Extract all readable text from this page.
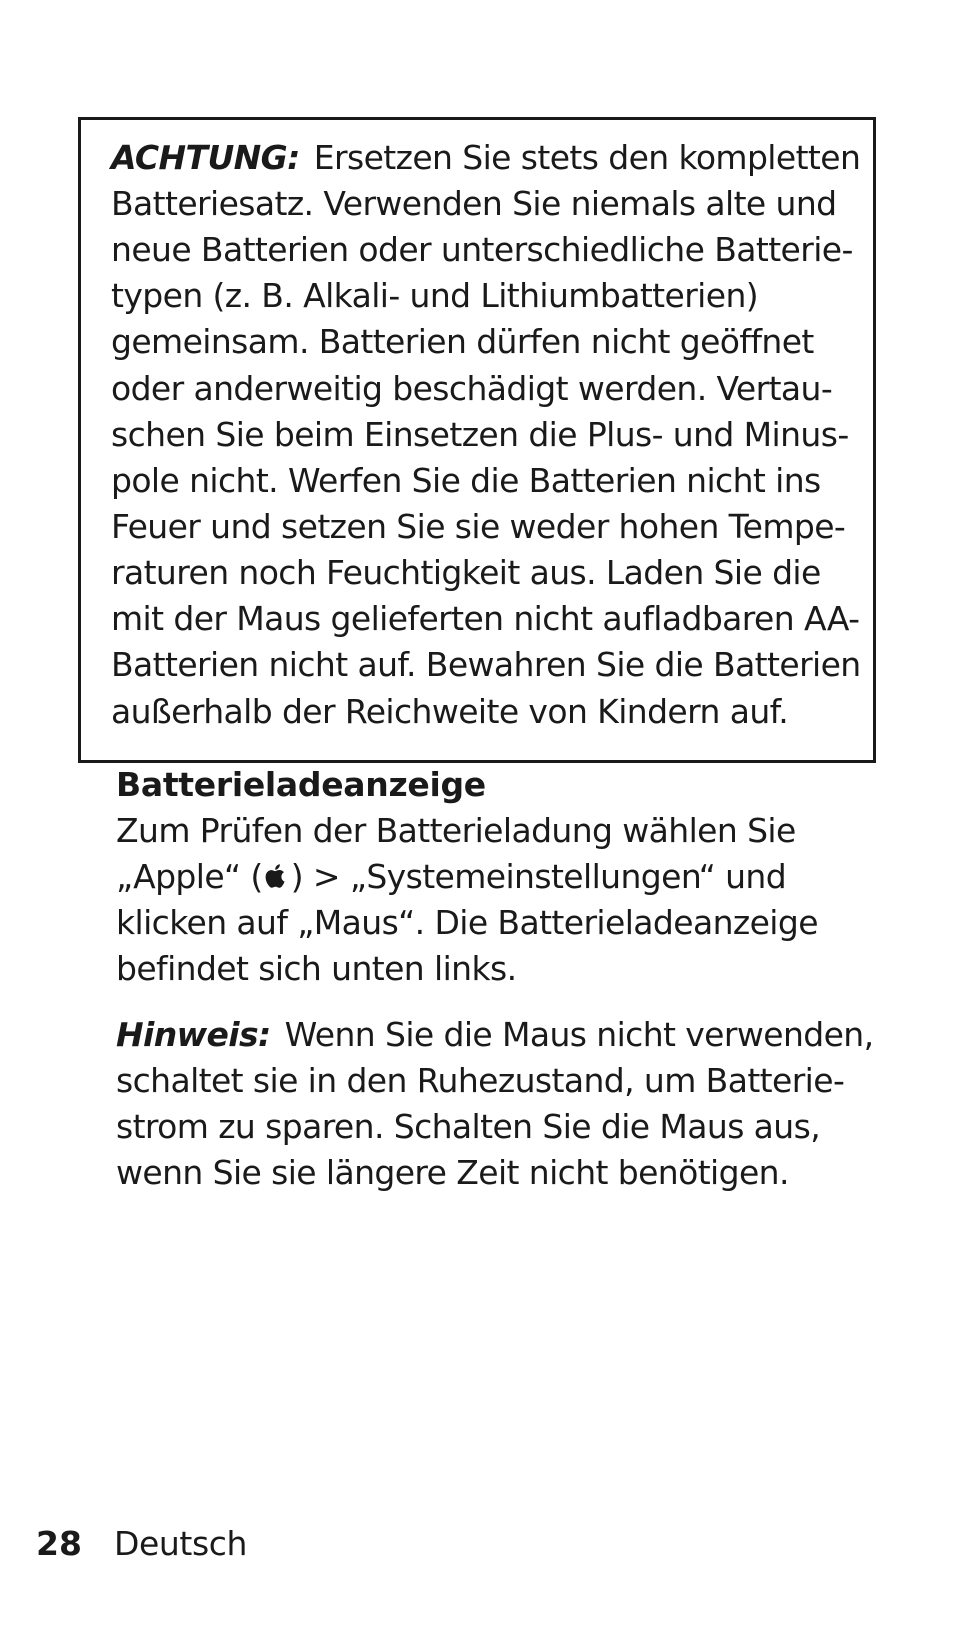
ACHTUNG: Ersetzen Sie stets den kompletten
Batteriesatz. Verwenden Sie niemals alte und
neue Batterien oder unterschiedliche Batterie-
typen (z. B. Alkali- und Lithiumbatterien)
gemeinsam. Batterien dürfen nicht geöffnet
oder anderweitig beschädigt werden. Vertau-
schen Sie beim Einsetzen die Plus- und Minus-
pole nicht. Werfen Sie die Batterien nicht ins
Feuer und setzen Sie sie weder hohen Tempe-
raturen noch Feuchtigkeit aus. Laden Sie die
mit der Maus gelieferten nicht aufladbaren AA-
Batterien nicht auf. Bewahren Sie die Batterien
außerhalb der Reichweite von Kindern auf.
Batterieladeanzeige
Zum Prüfen der Batterieladung wählen Sie
„Apple“ ( ) > „Systemeinstellungen“ und
klicken auf „Maus“. Die Batterieladeanzeige
befindet sich unten links.
Hinweis: Wenn Sie die Maus nicht verwenden,
schaltet sie in den Ruhezustand, um Batterie-
strom zu sparen. Schalten Sie die Maus aus,
wenn Sie sie längere Zeit nicht benötigen.
28 Deutsch
